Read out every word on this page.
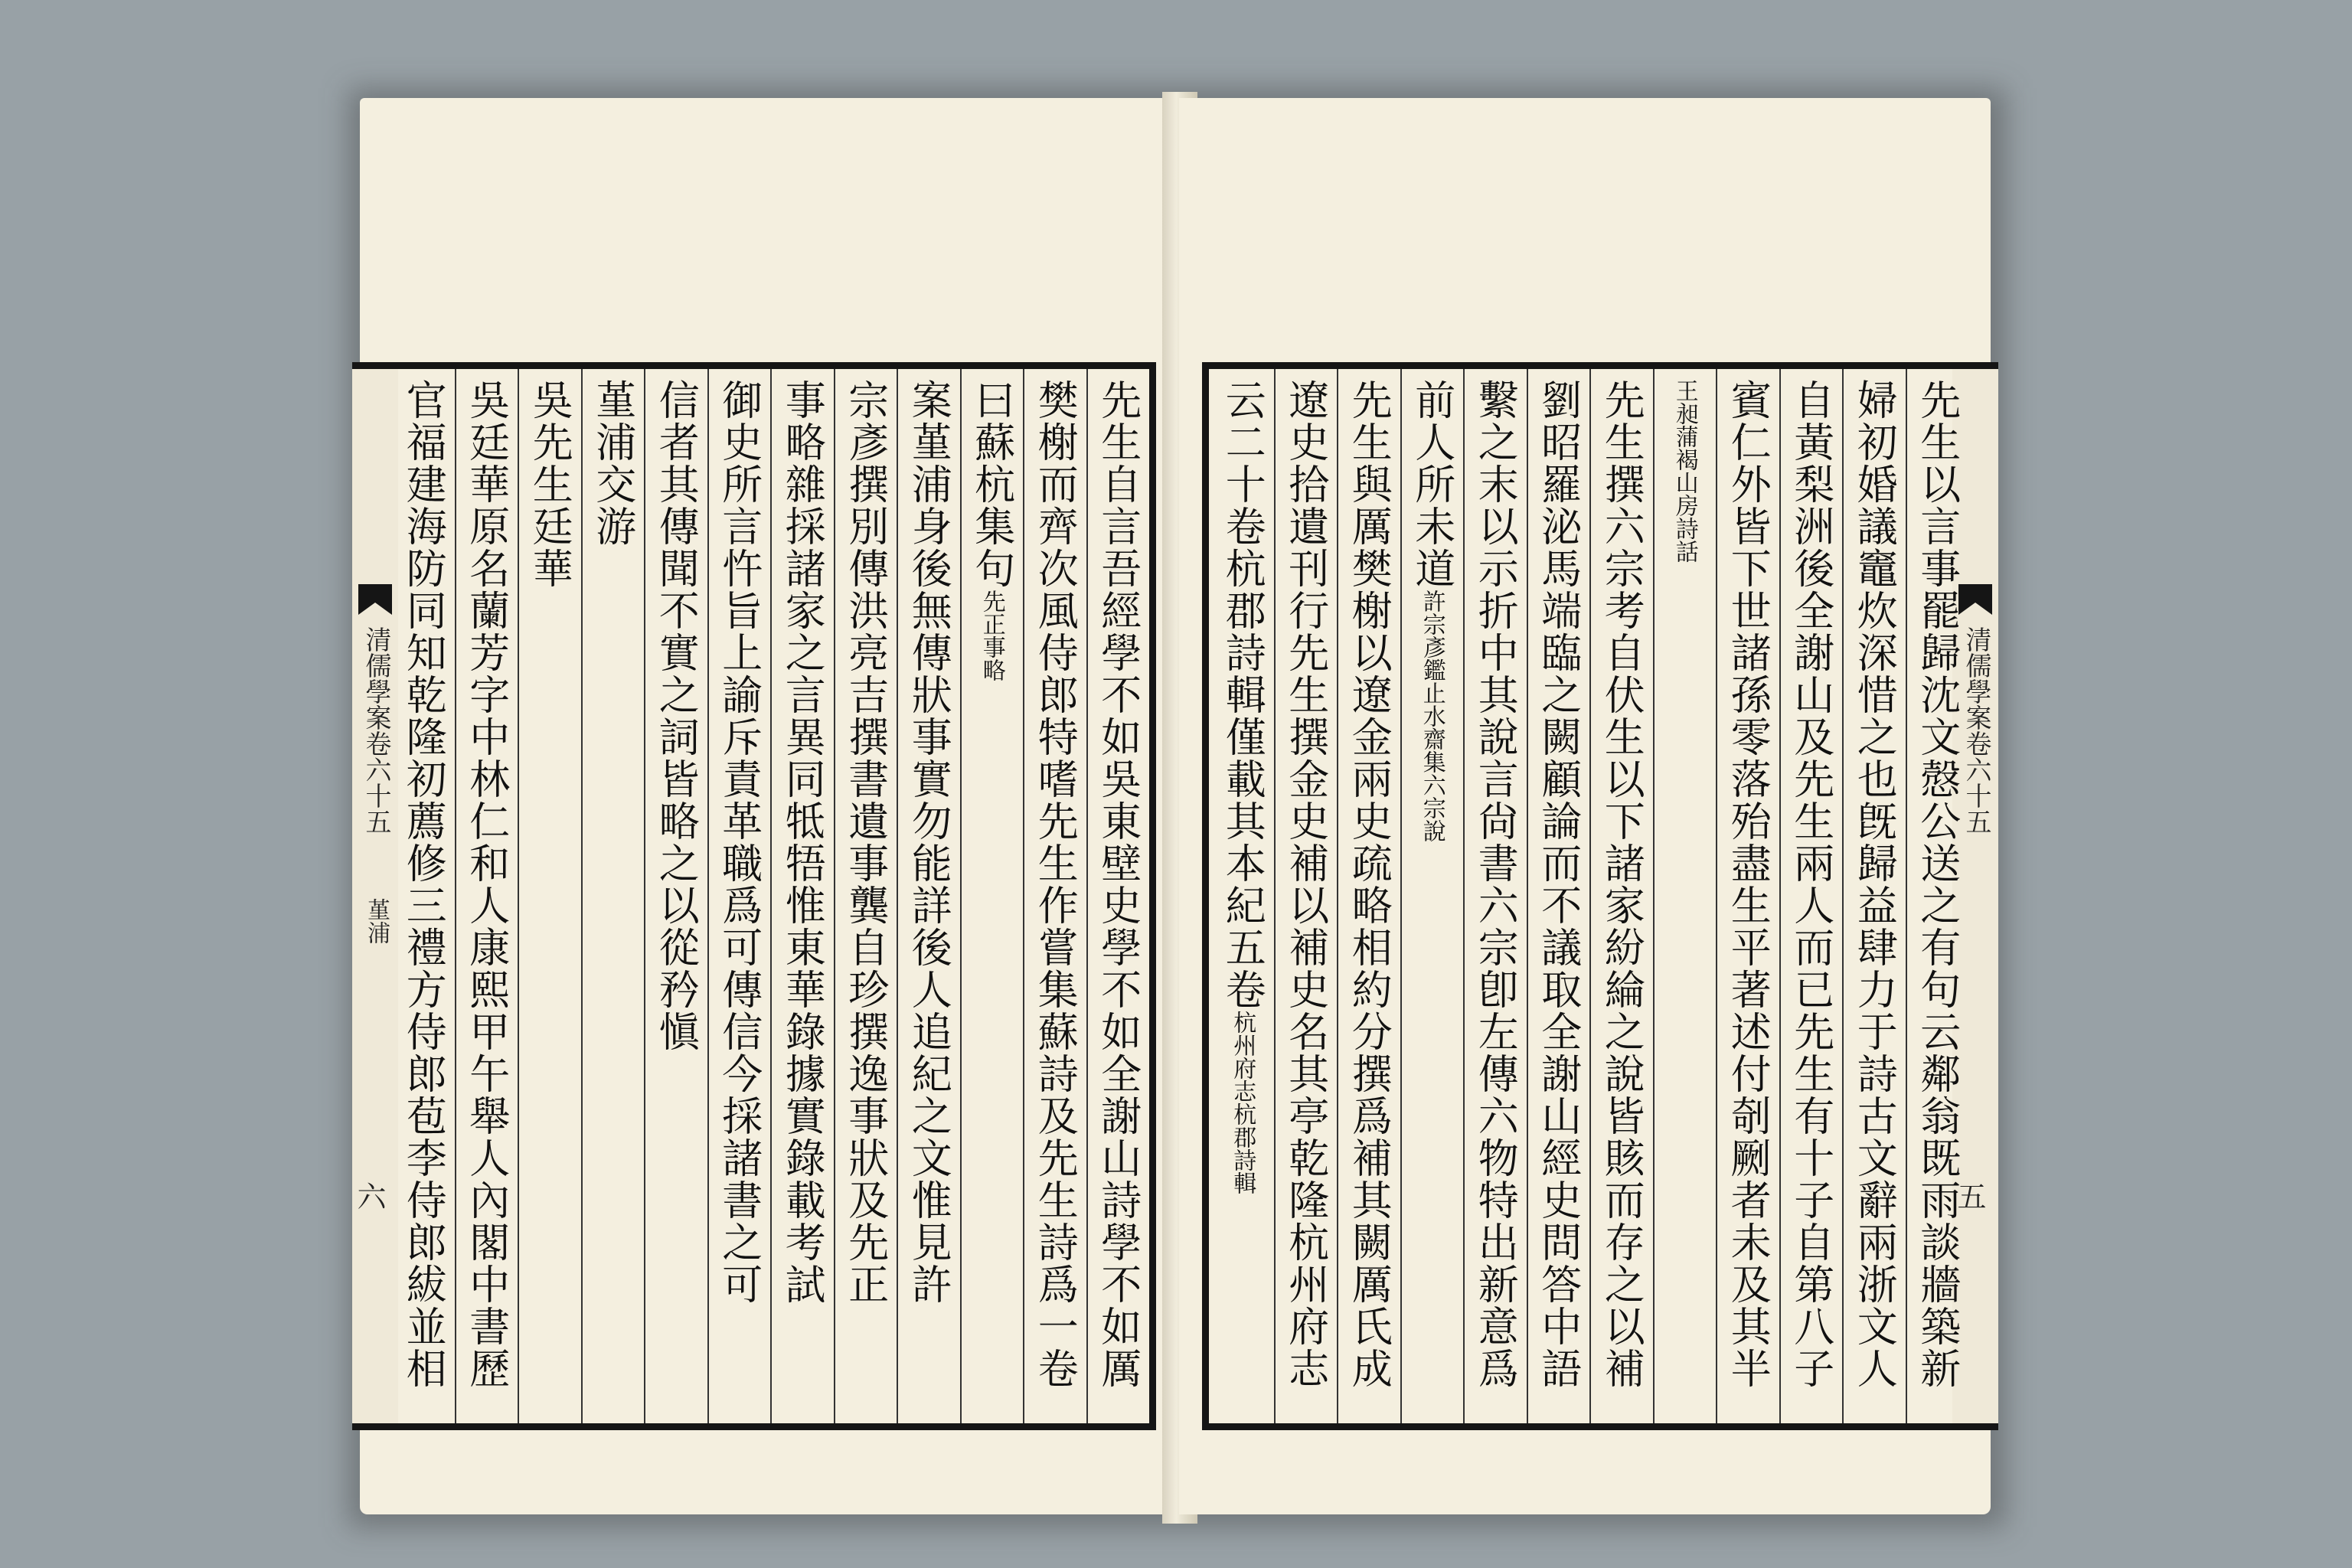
清儒學案卷六十五
堇浦
六	先生自言吾經學不如吳東壁史學不如全謝山詩學不如厲
樊榭而齊次風侍郎特嗜先生作嘗集蘇詩及先生詩爲一卷
曰蘇杭集句先正事略
案堇浦身後無傳狀事實勿能詳後人追紀之文惟見許
宗彥撰別傳洪亮吉撰書遺事龔自珍撰逸事狀及先正
事略雜採諸家之言異同牴牾惟東華錄據實錄載考試
御史所言忤旨上諭斥責革職爲可傳信今採諸書之可
信者其傳聞不實之詞皆略之以從矜愼
堇浦交游
吳先生廷華
吳廷華原名蘭芳字中林仁和人康熙甲午舉人內閣中書歷
官福建海防同知乾隆初薦修三禮方侍郎苞李侍郎紱並相	清儒學案卷六十五
五
先生以言事罷歸沈文慤公送之有句云鄰翁既雨談牆築新
婦初婚議竈炊深惜之也旣歸益肆力于詩古文辭兩浙文人
自黃梨洲後全謝山及先生兩人而已先生有十子自第八子
賓仁外皆下世諸孫零落殆盡生平著述付剞劂者未及其半
王昶蒲褐山房詩話
先生撰六宗考自伏生以下諸家紛綸之說皆賅而存之以補
劉昭羅泌馬端臨之闕顧論而不議取全謝山經史問答中語
繫之末以示折中其說言尙書六宗卽左傳六物特出新意爲
前人所未道許宗彥鑑止水齋集六宗說
先生與厲樊榭以遼金兩史疏略相約分撰爲補其闕厲氏成
遼史拾遺刊行先生撰金史補以補史名其亭乾隆杭州府志
云二十卷杭郡詩輯僅載其本紀五卷杭州府志杭郡詩輯
